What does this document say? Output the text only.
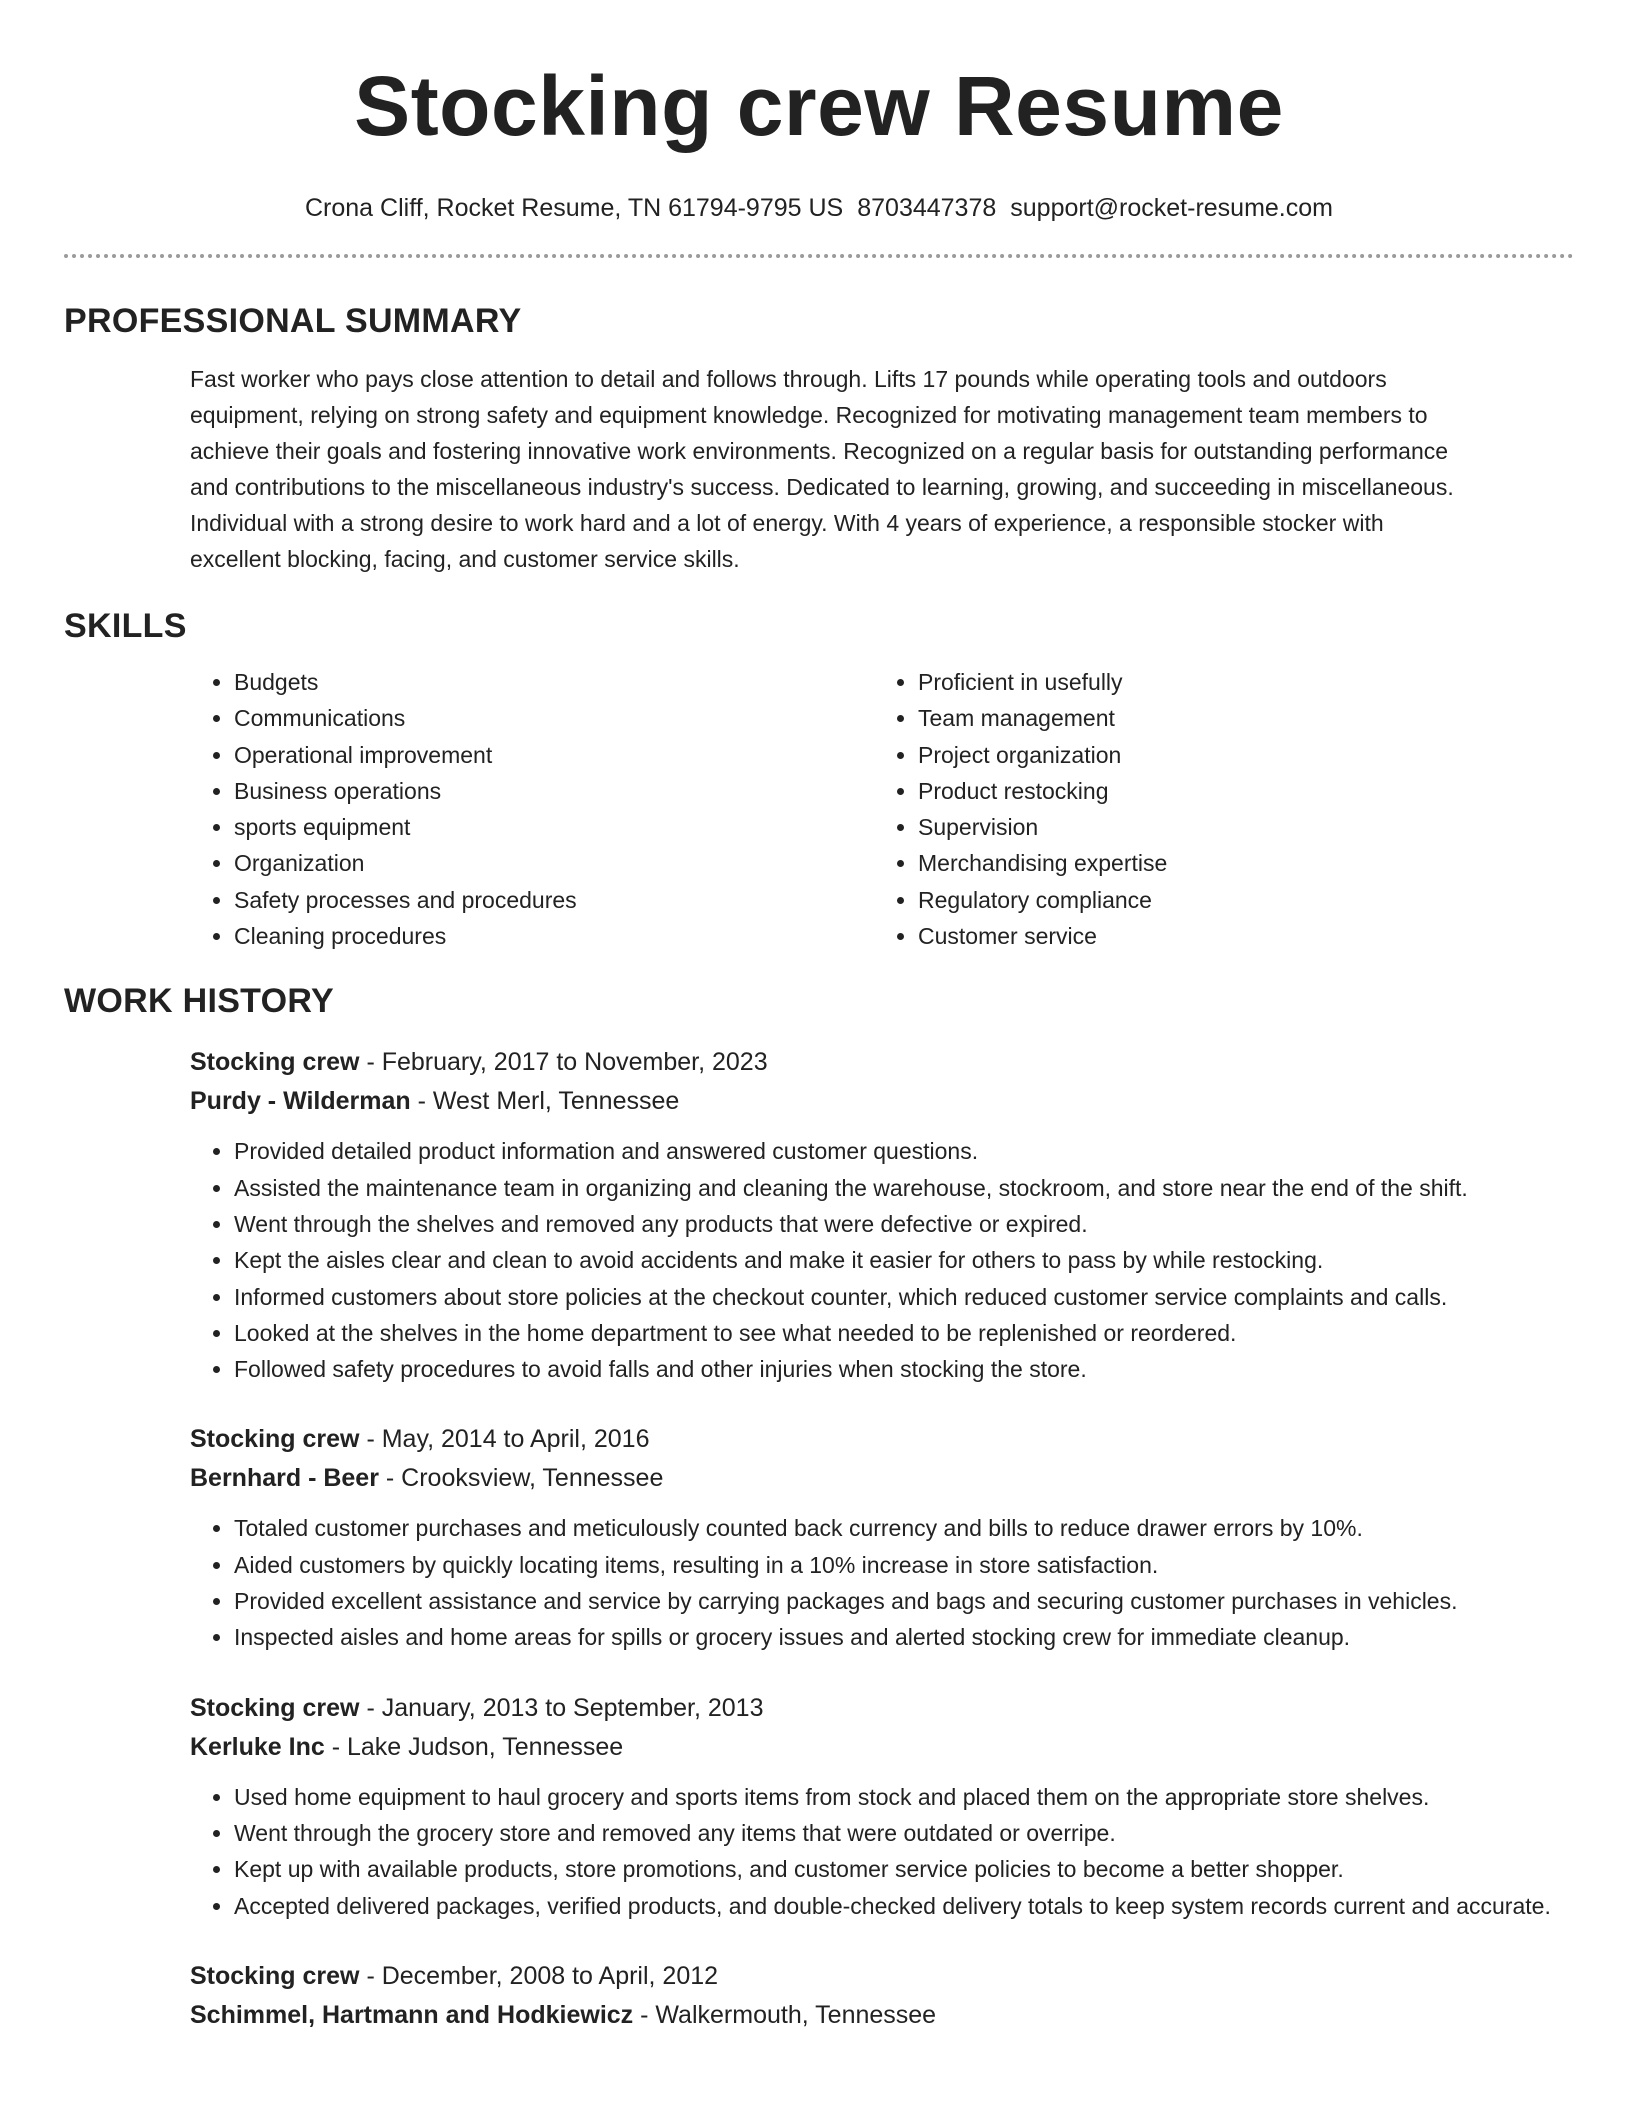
Stocking crew Resume
Crona Cliff, Rocket Resume, TN 61794-9795 US 8703447378 support@rocket-resume.com
PROFESSIONAL SUMMARY
Fast worker who pays close attention to detail and follows through. Lifts 17 pounds while operating tools and outdoors
equipment, relying on strong safety and equipment knowledge. Recognized for motivating management team members to
achieve their goals and fostering innovative work environments. Recognized on a regular basis for outstanding performance
and contributions to the miscellaneous industry's success. Dedicated to learning, growing, and succeeding in miscellaneous.
Individual with a strong desire to work hard and a lot of energy. With 4 years of experience, a responsible stocker with
excellent blocking, facing, and customer service skills.
SKILLS
• Budgets
• Communications
• Operational improvement
• Business operations
• sports equipment
• Organization
• Safety processes and procedures
• Cleaning procedures
• Proficient in usefully
• Team management
• Project organization
• Product restocking
• Supervision
• Merchandising expertise
• Regulatory compliance
• Customer service
WORK HISTORY
Stocking crew - February, 2017 to November, 2023
Purdy - Wilderman - West Merl, Tennessee
• Provided detailed product information and answered customer questions.
• Assisted the maintenance team in organizing and cleaning the warehouse, stockroom, and store near the end of the shift.
• Went through the shelves and removed any products that were defective or expired.
• Kept the aisles clear and clean to avoid accidents and make it easier for others to pass by while restocking.
• Informed customers about store policies at the checkout counter, which reduced customer service complaints and calls.
• Looked at the shelves in the home department to see what needed to be replenished or reordered.
• Followed safety procedures to avoid falls and other injuries when stocking the store.
Stocking crew - May, 2014 to April, 2016
Bernhard - Beer - Crooksview, Tennessee
• Totaled customer purchases and meticulously counted back currency and bills to reduce drawer errors by 10%.
• Aided customers by quickly locating items, resulting in a 10% increase in store satisfaction.
• Provided excellent assistance and service by carrying packages and bags and securing customer purchases in vehicles.
• Inspected aisles and home areas for spills or grocery issues and alerted stocking crew for immediate cleanup.
Stocking crew - January, 2013 to September, 2013
Kerluke Inc - Lake Judson, Tennessee
• Used home equipment to haul grocery and sports items from stock and placed them on the appropriate store shelves.
• Went through the grocery store and removed any items that were outdated or overripe.
• Kept up with available products, store promotions, and customer service policies to become a better shopper.
• Accepted delivered packages, verified products, and double-checked delivery totals to keep system records current and accurate.
Stocking crew - December, 2008 to April, 2012
Schimmel, Hartmann and Hodkiewicz - Walkermouth, Tennessee
